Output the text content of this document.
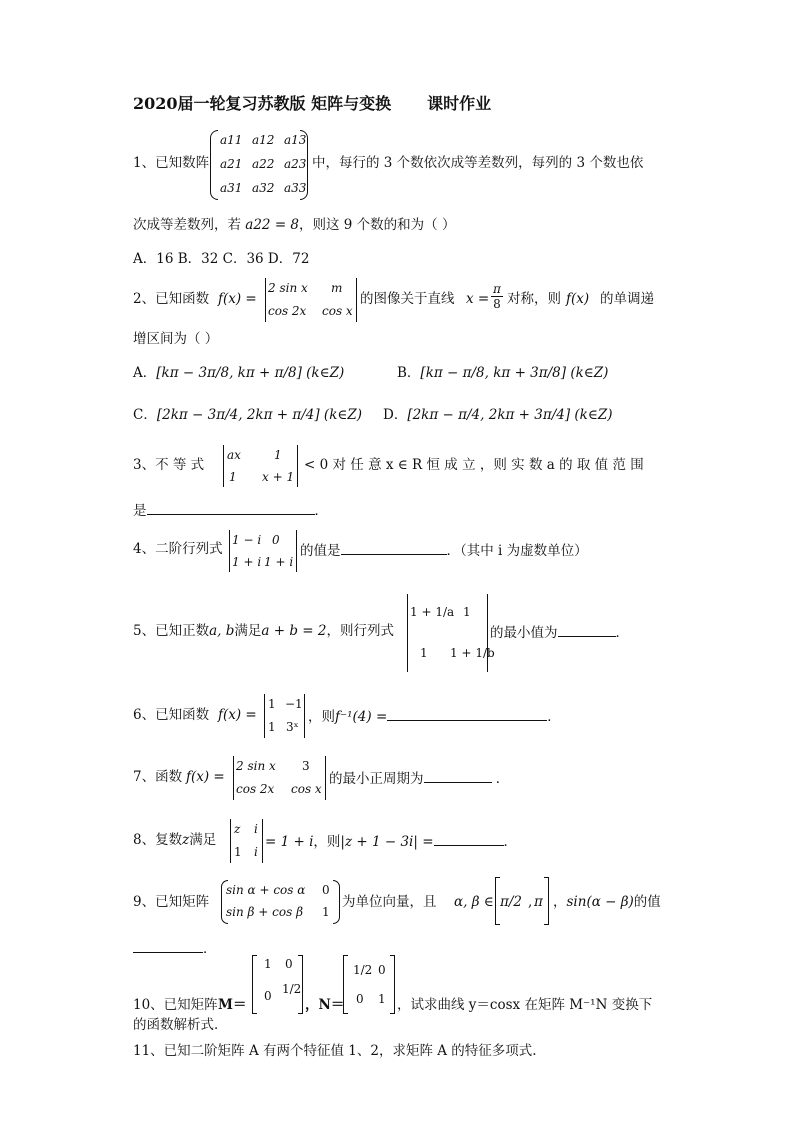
2020届一轮复习苏教版 矩阵与变换 课时作业
1、已知数阵
a11 a12 a13
a21 a22 a23
a31 a32 a33
中，每行的 3 个数依次成等差数列，每列的 3 个数也依
次成等差数列，若 a22 = 8，则这 9 个数的和为（ ）
A．16 B．32 C．36 D．72
2、已知函数 f(x) =
2 sin x m
cos 2x cos x
的图像关于直线 $x = \frac{\pi}{8}$ 对称，则 f(x) 的单调递
增区间为（ ）
A．[kπ − 3π/8, kπ + π/8] (k∈Z)	B．[kπ − π/8, kπ + 3π/8] (k∈Z)
C．[2kπ − 3π/4, 2kπ + π/4] (k∈Z) D．[2kπ − π/4, 2kπ + 3π/4] (k∈Z)
3、不 等 式
ax	1
1 x + 1
< 0 对 任 意 x ∈ R 恒 成 立 ，则 实 数 a 的 取 值 范 围
是	．
4、二阶行列式
1 − i 0
1 + i 1 + i
的值是	．（其中 i 为虚数单位）
5、已知正数a, b满足a + b = 2，则行列式
1 + 1/a 1
1 1 + 1/b
的最小值为	．
6、已知函数 f(x) =
1 −1
1 3ˣ
，则f⁻¹(4) =	．
7、函数 f(x) =
2 sin x 3
cos 2x cos x
的最小正周期为	．
8、复数z满足
z i
1 i
= 1 + i，则|z + 1 − 3i| =	．
9、已知矩阵
sin α + cos α 0
sin β + cos β 1
为单位向量，且 α, β ∈ π/2 , π ，sin(α − β)的值
．
10、已知矩阵 M＝
1 0
0 1/2
，N＝
1/2 0
0 1 ，试求曲线 y＝cosx 在矩阵 M⁻¹N 变换下
的函数解析式．
11、已知二阶矩阵 A 有两个特征值 1、2，求矩阵 A 的特征多项式.
